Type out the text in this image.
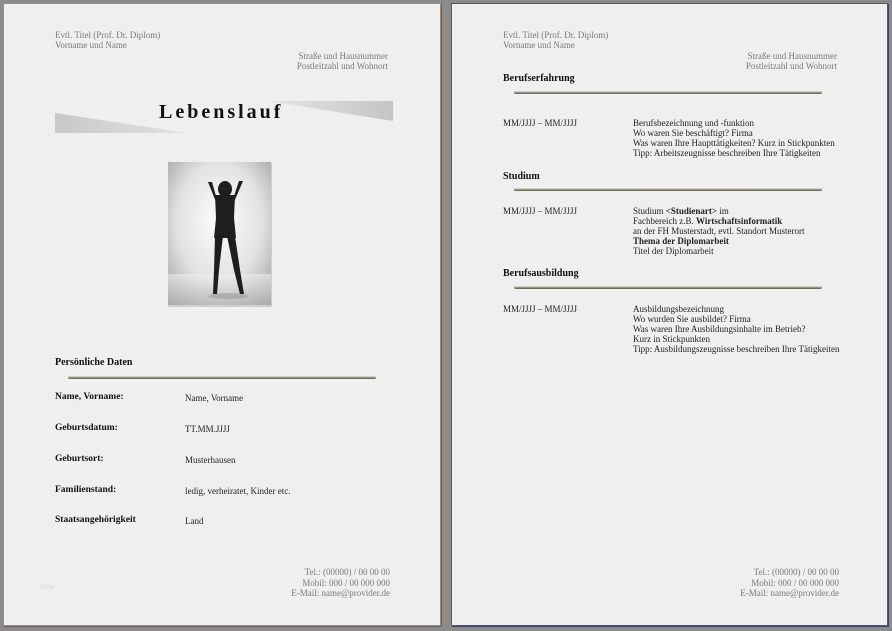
Evtl. Titel (Prof. Dr. Diplom)
Vorname und Name
Straße und Hausnummer
Postleitzahl und Wohnort
Lebenslauf
Persönliche Daten
Name, Vorname:	Name, Vorname
Geburtsdatum:	TT.MM.JJJJ
Geburtsort:	Musterhausen
Familienstand:	ledig, verheiratet, Kinder etc.
Staatsangehörigkeit	Land
kzw
Tel.: (00000) / 00 00 00
Mobil: 000 / 00 000 000
E-Mail: name@provider.de
Evtl. Titel (Prof. Dr. Diplom)
Vorname und Name
Straße und Hausnummer
Postleitzahl und Wohnort
Berufserfahrung
MM/JJJJ – MM/JJJJ	Berufsbezeichnung und -funktion
Wo waren Sie beschäftigt? Firma
Was waren Ihre Haupttätigkeiten? Kurz in Stickpunkten
Tipp: Arbeitszeugnisse beschreiben Ihre Tätigkeiten
Studium
MM/JJJJ – MM/JJJJ	Studium <Studienart> im
Fachbereich z.B. Wirtschaftsinformatik
an der FH Musterstadt, evtl. Standort Musterort
Thema der Diplomarbeit
Titel der Diplomarbeit
Berufsausbildung
MM/JJJJ – MM/JJJJ	Ausbildungsbezeichnung
Wo wurden Sie ausbildet? Firma
Was waren Ihre Ausbildungsinhalte im Betrieb?
Kurz in Stickpunkten
Tipp: Ausbildungszeugnisse beschreiben Ihre Tätigkeiten
Tel.: (00000) / 00 00 00
Mobil: 000 / 00 000 000
E-Mail: name@provider.de
